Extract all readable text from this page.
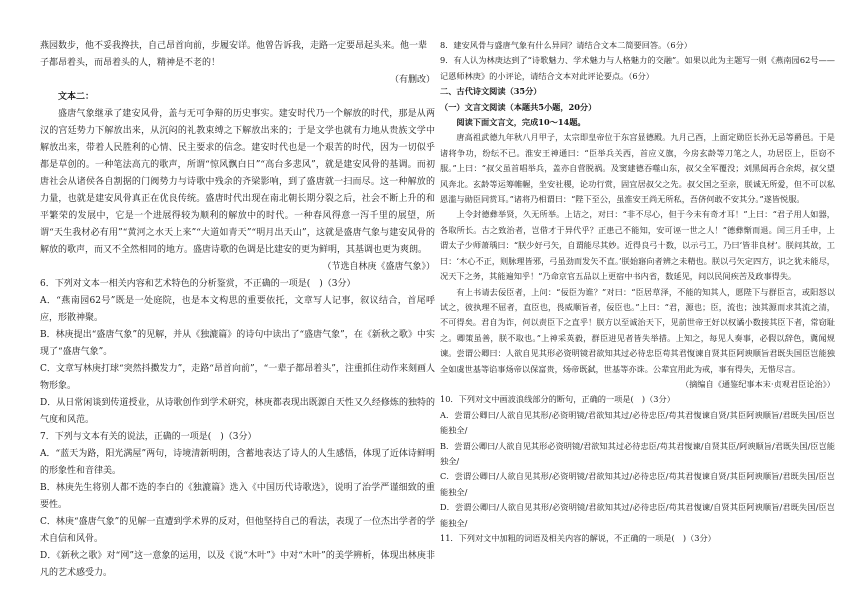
燕园数步，他不妥我搀扶，自己昂首向前，步履安详。他曾告诉我，走路一定要昂起头来。他一辈

子都昂着头，而昂着头的人，精神是不老的！

（有删改）

文本二：

盛唐气象继承了建安风骨，盖与无可争辩的历史事实。建安时代乃一个解放的时代，那是从两汉的宫廷势力下解放出来，从沉闷的礼教束缚之下解放出来的；于是文学也就有力地从贵族文学中解放出来，带着人民胜利的心情、民主要求的信念。建安时代也是一个艰苦的时代，因为一切似乎都是草创的。一种笔法高亢的歌声，所谓“惊风飘白日”“高台多悲风”，就是建安风骨的基调。而初唐社会从诸侯各自割据的门阀势力与诗歌中残余的齐梁影响，到了盛唐就一扫而尽。这一种解放的力量，也就是建安风骨真正在优良传统。盛唐时代出现在南北朝长期分裂之后，社会不断上升的和平繁荣的发展中，它是一个进展得较为顺利的解放中的时代。一种春风得意一泻千里的展望，所谓“天生我材必有用”“黄河之水天上来”“大道如青天”“明月出天山”，这就是盛唐气象与建安风骨的解放的歌声，而又不全然相同的地方。盛唐诗歌的色调是比建安的更为鲜明，其基调也更为爽朗。

（节选自林庚《盛唐气象》）

6．下列对文本一相关内容和艺术特色的分析鉴赏，不正确的一项是(　)（3分）

A．“燕南园62号”既是一处庭院，也是本文构思的重要依托，文章写人记事，叙议结合，首尾呼应，形散神聚。

B．林庚提出“盛唐气象”的见解，并从《独漉篇》的诗句中读出了“盛唐气象”，在《新秋之歌》中实现了“盛唐气象”。

C．文章写林庚打球“突然抖擞发力”，走路“昂首向前”，“一辈子都昂着头”，注重抓住动作来刻画人物形象。

D．从日常闲谈到传道授业，从诗歌创作到学术研究，林庚都表现出既源自天性又久经修炼的独特的气度和风范。

7．下列与文本有关的说法，正确的一项是(　)（3分）

A．“蓝天为路，阳光满屋”两句，诗境清新明朗，含蓄地表达了诗人的人生感悟，体现了近体诗鲜明的形象性和音律美。

B．林庚先生将别人都不选的李白的《独漉篇》选入《中国历代诗歌选》，说明了治学严谨细致的重要性。

C．林庚“盛唐气象”的见解一直遭到学术界的反对，但他坚持自己的看法，表现了一位杰出学者的学术自信和风骨。

D．《新秋之歌》对“网”这一意象的运用，以及《说“木叶”》中对“木叶”的美学辨析，体现出林庚非凡的艺术感受力。

8．建安风骨与盛唐气象有什么异同？请结合文本二简要回答。（6分）

9．有人认为林庚达到了“诗歌魅力、学术魅力与人格魅力的交融”。如果以此为主题写一则《燕南园62号——记恩师林庚》的小评论，请结合文本对此评论要点。（6分）

二、古代诗文阅读（35分）

（一）文言文阅读（本题共5小题，20分）

阅读下面文言文，完成10～14题。

唐高祖武德九年秋八月甲子，太宗即皇帝位于东宫显德殿。九月己酉，上面定勋臣长孙无忌等爵邑。于是诸将争功，纷纭不已。淮安王神通曰：“臣举兵关西，首应义旗，今房玄龄等刀笔之人，功居臣上，臣窃不服。”上曰：“叔父虽首唱举兵，盖亦自营脱祸。及窦建德吞噬山东，叔父全军覆没；刘黑闼再合余烬，叔父望风奔北。玄龄等运筹帷幄，坐安社稷，论功行赏，固宜居叔父之先。叔父国之至亲，朕诚无所爱，但不可以私恩滥与勋臣同赏耳。”诸将乃相谓曰：“陛下至公，虽淮安王尚无所私，吾侪何敢不安其分。”遂皆悦服。

上令封德彝举贤，久无所举。上诘之，对曰：“非不尽心，但于今未有奇才耳！”上曰：“君子用人如器，各取所长。古之致治者，岂借才于异代乎？正患己不能知，安可诬一世之人！”德彝惭而退。闰三月壬申，上谓太子少师萧瑀曰：“朕少好弓矢，自谓能尽其妙。近得良弓十数，以示弓工，乃曰‘皆非良材’。朕问其故，工曰：‘木心不正，则脉理皆邪，弓虽劲而发矢不直。’朕始寤向者辨之未精也。朕以弓矢定四方，识之犹未能尽，况天下之务，其能遍知乎！”乃命京官五品以上更宿中书内省，数延见，问以民间疾苦及政事得失。

有上书请去佞臣者，上问：“佞臣为谁？”对曰：“臣居草泽，不能的知其人，愿陛下与群臣言，或阳怒以试之，彼执理不屈者，直臣也，畏威顺旨者，佞臣也。”上曰：“君，源也；臣，流也；浊其源而求其流之清，不可得矣。君自为诈，何以责臣下之直乎！朕方以至诚治天下，见前世帝王好以权谲小数接其臣下者，常窃耻之。卿策虽善，朕不取也。”上神采英毅，群臣进见者皆失举措。上知之，每见人奏事，必假以辞色，冀闻规谏。尝谓公卿曰：人欲自见其形必资明镜君欲知其过必待忠臣苟其君愎谏自贤其臣阿谀顺旨君既失国臣岂能独全如虞世基等谄事炀帝以保富贵，炀帝既弑，世基等亦诛。公辈宜用此为戒，事有得失，无惜尽言。

（摘编自《通鉴纪事本末·贞观君臣论治》）

10．下列对文中画波浪线部分的断句，正确的一项是(　)（3分）

A．尝谓公卿曰/人欲自见其形/必资明镜/君欲知其过/必待忠臣/苟其君愎谏自贤/其臣阿谀顺旨/君既失国/臣岂能独全/

B．尝谓公卿曰/人欲自见其形必资明镜/君欲知其过必待忠臣/苟其君愎谏/自贤其臣/阿谀顺旨/君既失国/臣岂能独全/

C．尝谓公卿曰/人欲自见其形/必资明镜/君欲知其过/必待忠臣/苟其君愎谏自贤/其臣阿谀顺旨/君既失国/臣岂能独全/

D．尝谓公卿曰/人欲自见其形/必资明镜/君欲知其过/必待忠臣/苟其君愎谏/自贤其臣阿谀顺旨/君既失国/臣岂能独全/

11．下列对文中加粗的词语及相关内容的解说，不正确的一项是(　)（3分）
